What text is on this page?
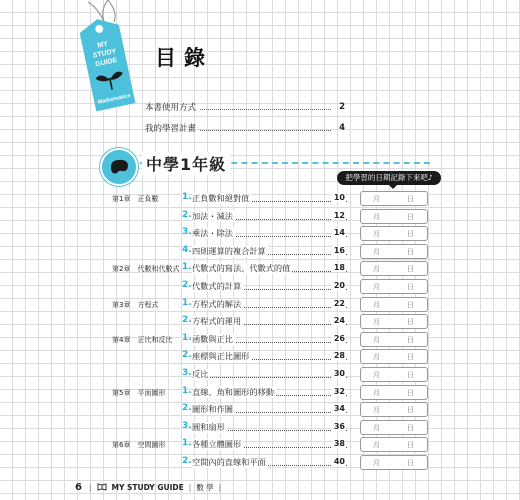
MY
STUDY
GUIDE
Mathematics
目錄
本書使用方式	2
我的學習計畫	4
中學1年級
把學習的日期記錄下來吧♪
第1章　正負數	1. 正負數和絕對值	10	月	日
2. 加法・減法	12	月	日
3. 乘法・除法	14	月	日
4. 四則運算的複合計算	16	月	日
第2章　代數和代數式 1. 代數式的寫法、代數式的值	18	月	日
2. 代數式的計算	20	月	日
第3章　方程式	1. 方程式的解法	22	月	日
2. 方程式的運用	24	月	日
第4章　正比和反比 1. 函數與正比	26	月	日
2. 座標與正比圖形	28	月	日
3. 反比	30	月	日
第5章　平面圖形 1. 直線、角和圖形的移動	32	月	日
2. 圖形和作圖	34	月	日
3. 圓和扇形	36	月	日
第6章　空間圖形 1. 各種立體圖形	38	月	日
2. 空間內的直線和平面	40	月	日
6 |	MY STUDY GUIDE | 數 學 |
